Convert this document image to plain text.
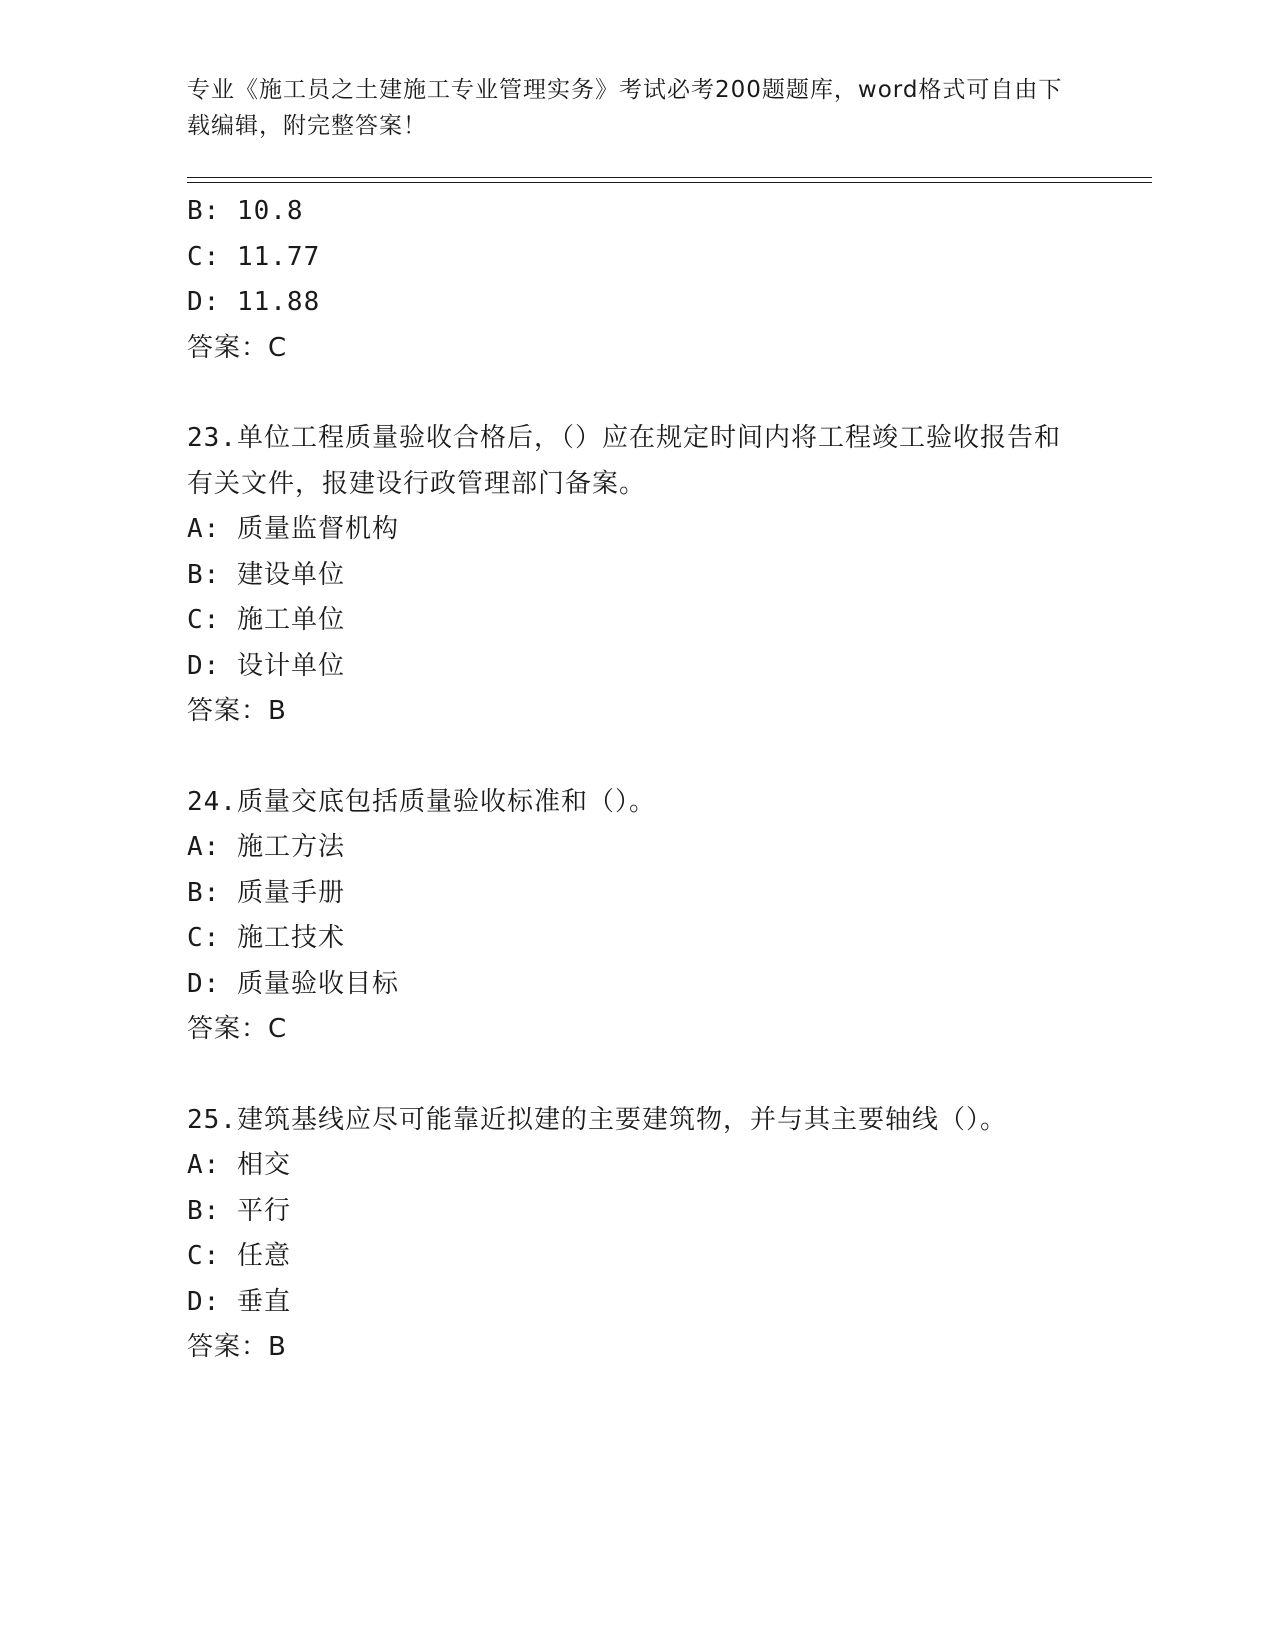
专业《施工员之土建施工专业管理实务》考试必考200题题库，word格式可自由下载编辑，附完整答案！
B: 10.8
C: 11.77
D: 11.88
答案：C
23.单位工程质量验收合格后，（）应在规定时间内将工程竣工验收报告和有关文件，报建设行政管理部门备案。
A: 质量监督机构
B: 建设单位
C: 施工单位
D: 设计单位
答案：B
24.质量交底包括质量验收标准和（）。
A: 施工方法
B: 质量手册
C: 施工技术
D: 质量验收目标
答案：C
25.建筑基线应尽可能靠近拟建的主要建筑物，并与其主要轴线（）。
A: 相交
B: 平行
C: 任意
D: 垂直
答案：B
